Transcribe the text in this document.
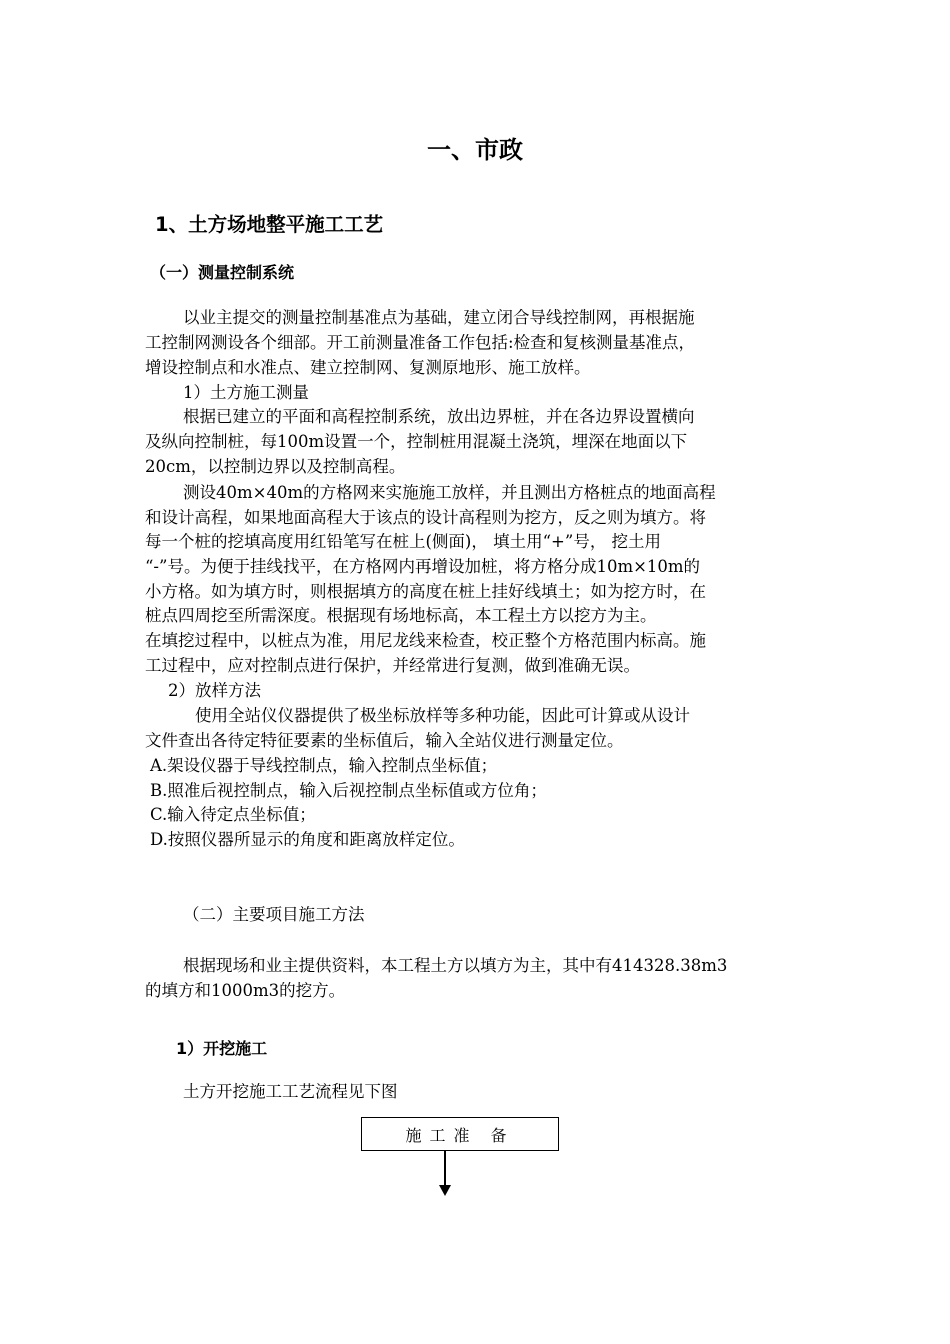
一、市政
1、土方场地整平施工工艺
（一）测量控制系统
以业主提交的测量控制基准点为基础，建立闭合导线控制网，再根据施
工控制网测设各个细部。开工前测量准备工作包括:检查和复核测量基准点，
增设控制点和水准点、建立控制网、复测原地形、施工放样。
1）土方施工测量
根据已建立的平面和高程控制系统，放出边界桩，并在各边界设置横向
及纵向控制桩，每100m设置一个，控制桩用混凝土浇筑，埋深在地面以下
20cm，以控制边界以及控制高程。
测设40m×40m的方格网来实施施工放样，并且测出方格桩点的地面高程
和设计高程，如果地面高程大于该点的设计高程则为挖方，反之则为填方。将
每一个桩的挖填高度用红铅笔写在桩上(侧面)， 填土用“+”号， 挖土用
“-”号。为便于挂线找平，在方格网内再增设加桩，将方格分成10m×10m的
小方格。如为填方时，则根据填方的高度在桩上挂好线填土；如为挖方时，在
桩点四周挖至所需深度。根据现有场地标高，本工程土方以挖方为主。
在填挖过程中，以桩点为准，用尼龙线来检查，校正整个方格范围内标高。施
工过程中，应对控制点进行保护，并经常进行复测，做到准确无误。
2）放样方法
使用全站仪仪器提供了极坐标放样等多种功能，因此可计算或从设计
文件查出各待定特征要素的坐标值后，输入全站仪进行测量定位。
A.架设仪器于导线控制点，输入控制点坐标值；
B.照准后视控制点，输入后视控制点坐标值或方位角；
C.输入待定点坐标值；
D.按照仪器所显示的角度和距离放样定位。
（二）主要项目施工方法
根据现场和业主提供资料，本工程土方以填方为主，其中有414328.38m3
的填方和1000m3的挖方。
1）开挖施工
土方开挖施工工艺流程见下图
施工准 备
